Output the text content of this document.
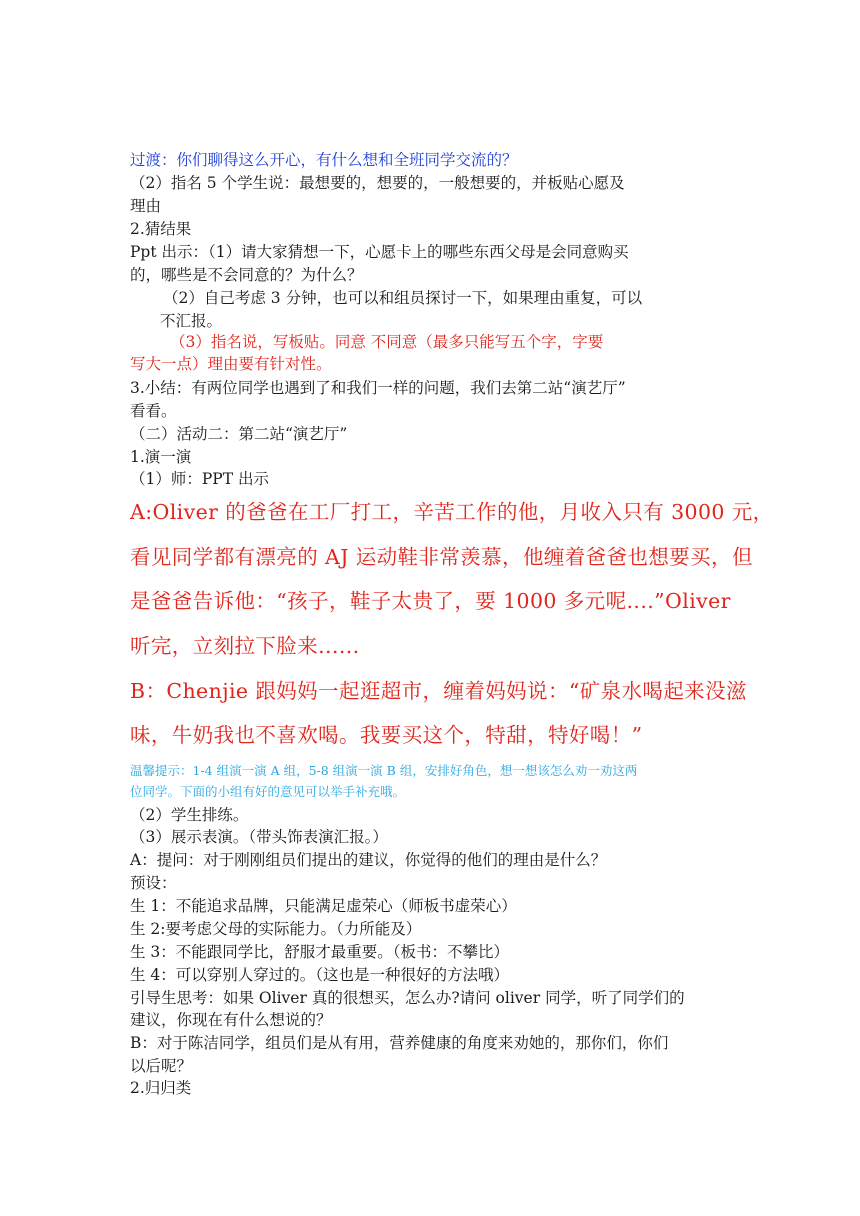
过渡：你们聊得这么开心，有什么想和全班同学交流的？
（2）指名 5 个学生说：最想要的，想要的，一般想要的，并板贴心愿及
理由
2.猜结果
Ppt 出示：（1）请大家猜想一下，心愿卡上的哪些东西父母是会同意购买
的，哪些是不会同意的？为什么？
（2）自己考虑 3 分钟，也可以和组员探讨一下，如果理由重复，可以
不汇报。
（3）指名说，写板贴。同意 不同意（最多只能写五个字，字要
写大一点）理由要有针对性。
3.小结：有两位同学也遇到了和我们一样的问题，我们去第二站“演艺厅”
看看。
（二）活动二：第二站“演艺厅”
1.演一演
（1）师：PPT 出示
A:Oliver 的爸爸在工厂打工，辛苦工作的他，月收入只有 3000 元，
看见同学都有漂亮的 AJ 运动鞋非常羡慕，他缠着爸爸也想要买，但
是爸爸告诉他：“孩子，鞋子太贵了，要 1000 多元呢....”Oliver
听完，立刻拉下脸来......
B：Chenjie 跟妈妈一起逛超市，缠着妈妈说：“矿泉水喝起来没滋
味，牛奶我也不喜欢喝。我要买这个，特甜，特好喝！”
温馨提示：1-4 组演一演 A 组，5-8 组演一演 B 组，安排好角色，想一想该怎么劝一劝这两
位同学。下面的小组有好的意见可以举手补充哦。
（2）学生排练。
（3）展示表演。（带头饰表演汇报。）
A：提问：对于刚刚组员们提出的建议，你觉得的他们的理由是什么？
预设：
生 1：不能追求品牌，只能满足虚荣心（师板书虚荣心）
生 2:要考虑父母的实际能力。（力所能及）
生 3：不能跟同学比，舒服才最重要。（板书：不攀比）
生 4：可以穿别人穿过的。（这也是一种很好的方法哦）
引导生思考：如果 Oliver 真的很想买，怎么办?请问 oliver 同学，听了同学们的
建议，你现在有什么想说的？
B：对于陈洁同学，组员们是从有用，营养健康的角度来劝她的，那你们，你们
以后呢？
2.归归类
